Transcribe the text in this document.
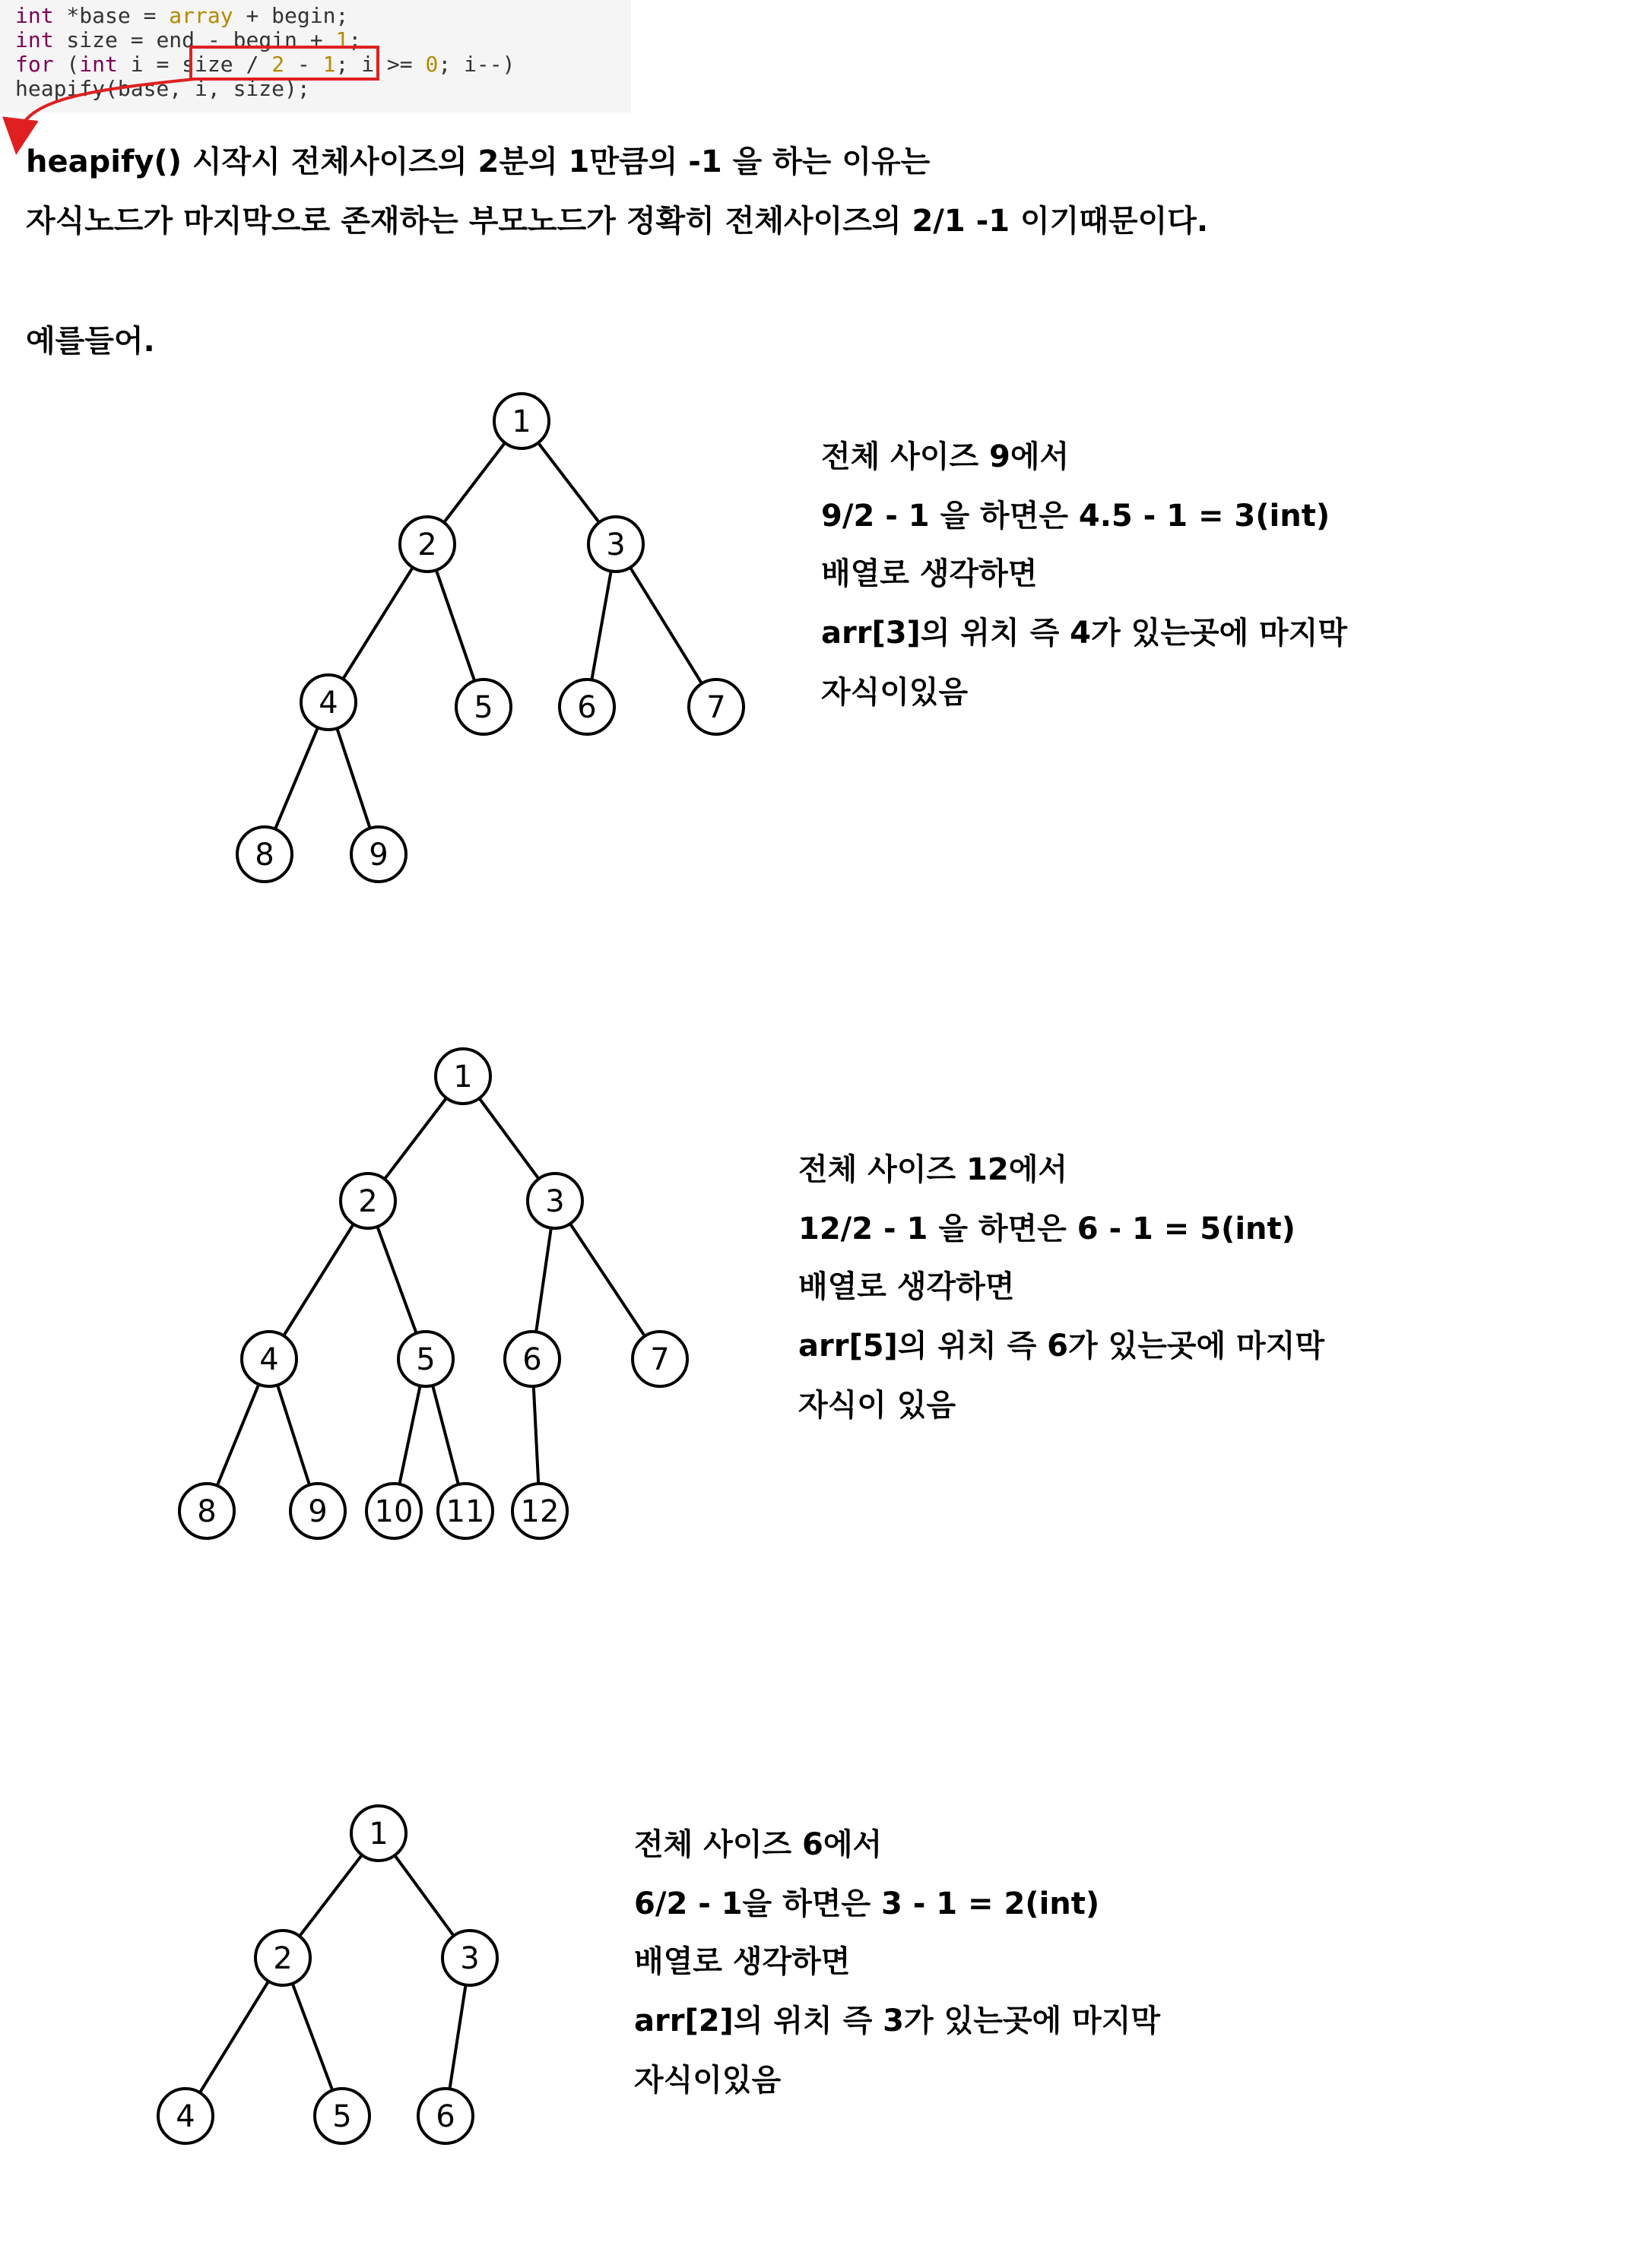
int *base = array + begin;
int size = end - begin + 1;
for (int i = size / 2 - 1; i >= 0; i--)
heapify(base, i, size);
heapify() 시작시 전체사이즈의 2분의 1만큼의 -1 을 하는 이유는
자식노드가 마지막으로 존재하는 부모노드가 정확히 전체사이즈의 2/1 -1 이기때문이다.
예를들어.
1
2	3
4	5	6	7
8	9
1
2	3
4	5	6	7
8	9 10 11 12
1
2	3
4	5	6
전체 사이즈 9에서
9/2 - 1 을 하면은 4.5 - 1 = 3(int)
배열로 생각하면
arr[3]의 위치 즉 4가 있는곳에 마지막
자식이있음
전체 사이즈 12에서
12/2 - 1 을 하면은 6 - 1 = 5(int)
배열로 생각하면
arr[5]의 위치 즉 6가 있는곳에 마지막
자식이 있음
전체 사이즈 6에서
6/2 - 1을 하면은 3 - 1 = 2(int)
배열로 생각하면
arr[2]의 위치 즉 3가 있는곳에 마지막
자식이있음
